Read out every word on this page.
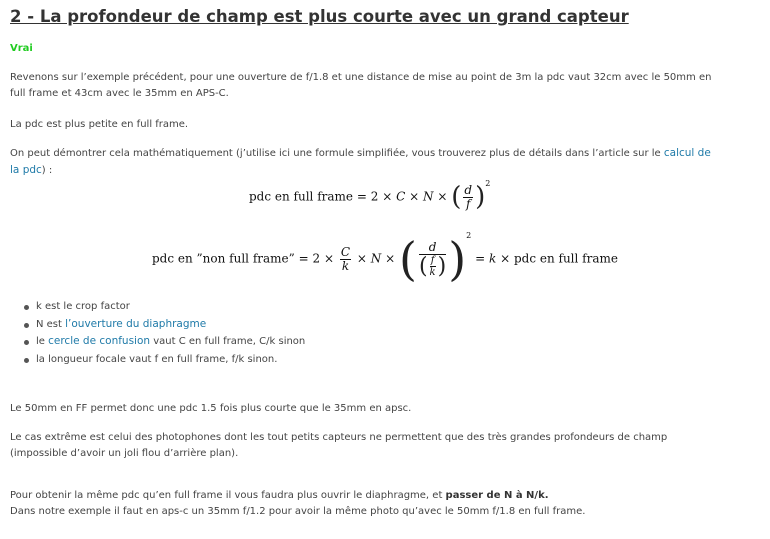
2 - La profondeur de champ est plus courte avec un grand capteur

Vrai

Revenons sur l’exemple précédent, pour une ouverture de f/1.8 et une distance de mise au point de 3m la pdc vaut 32cm avec le 50mm en full frame et 43cm avec le 35mm en APS-C.

La pdc est plus petite en full frame.

On peut démontrer cela mathématiquement (j’utilise ici une formule simplifiée, vous trouverez plus de détails dans l’article sur le calcul de la pdc) :

pdc en full frame = 2 × C × N × ( $\frac{d}{f} )^2$
pdc en ”non full frame” = $2 \times \frac{C}{k} \times N$ × ( $\frac{d}{( \frac{f}{k} )} )^2 = k$ × pdc en full frame
k est le crop factor
N est l’ouverture du diaphragme
le cercle de confusion vaut C en full frame, C/k sinon
la longueur focale vaut f en full frame, f/k sinon.

Le 50mm en FF permet donc une pdc 1.5 fois plus courte que le 35mm en apsc.

Le cas extrême est celui des photophones dont les tout petits capteurs ne permettent que des très grandes profondeurs de champ (impossible d’avoir un joli flou d’arrière plan).

Pour obtenir la même pdc qu’en full frame il vous faudra plus ouvrir le diaphragme, et passer de N à N/k.
Dans notre exemple il faut en aps-c un 35mm f/1.2 pour avoir la même photo qu’avec le 50mm f/1.8 en full frame.
